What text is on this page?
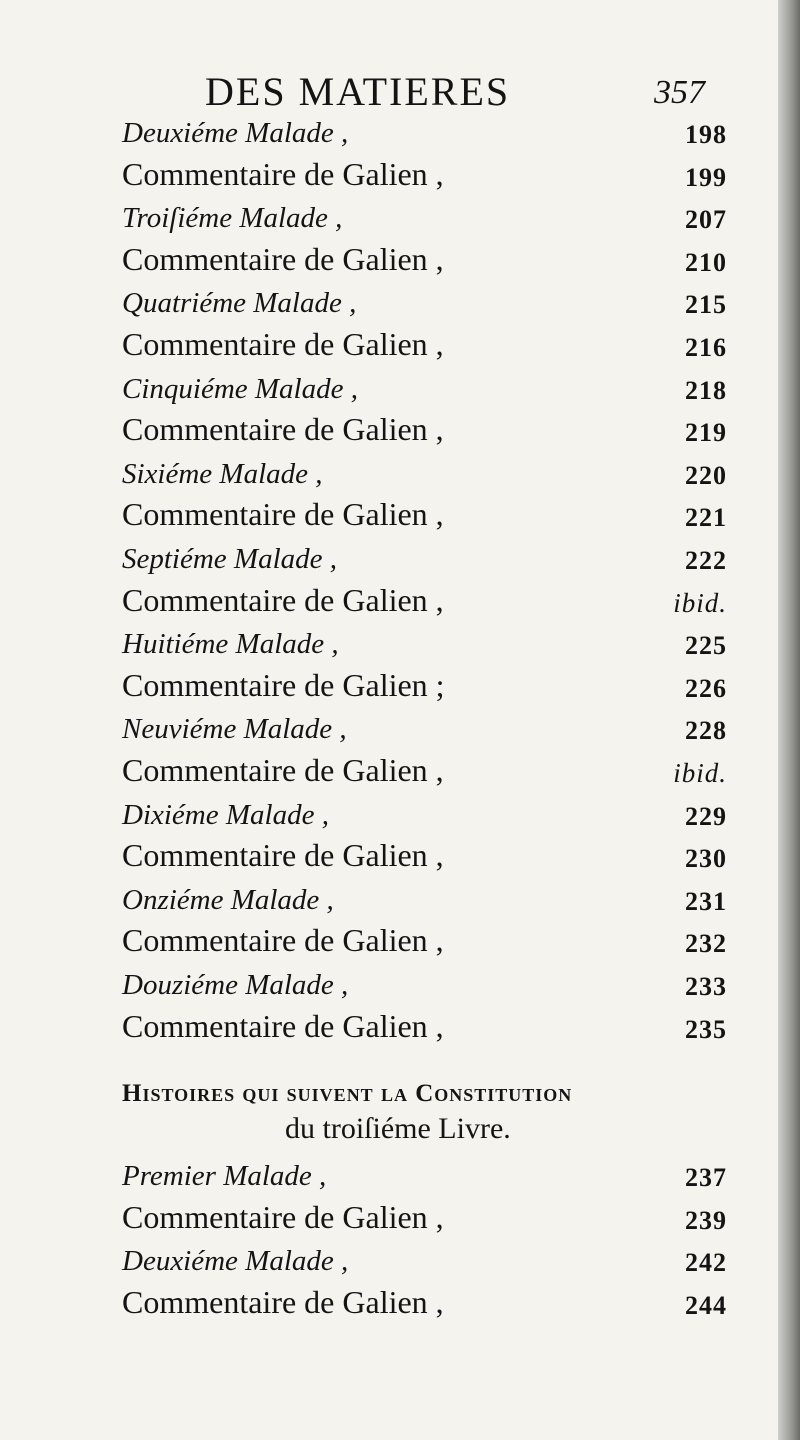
DES MATIERES	357
Deuxiéme Malade ,	198
Commentaire de Galien ,	199
Troiſiéme Malade ,	207
Commentaire de Galien ,	210
Quatriéme Malade ,	215
Commentaire de Galien ,	216
Cinquiéme Malade ,	218
Commentaire de Galien ,	219
Sixiéme Malade ,	220
Commentaire de Galien ,	221
Septiéme Malade ,	222
Commentaire de Galien ,	ibid.
Huitiéme Malade ,	225
Commentaire de Galien ;	226
Neuviéme Malade ,	228
Commentaire de Galien ,	ibid.
Dixiéme Malade ,	229
Commentaire de Galien ,	230
Onziéme Malade ,	231
Commentaire de Galien ,	232
Douziéme Malade ,	233
Commentaire de Galien ,	235
Premier Malade ,	237
Commentaire de Galien ,	239
Deuxiéme Malade ,	242
Commentaire de Galien ,	244
Histoires qui suivent la Constitution
du troiſiéme Livre.
